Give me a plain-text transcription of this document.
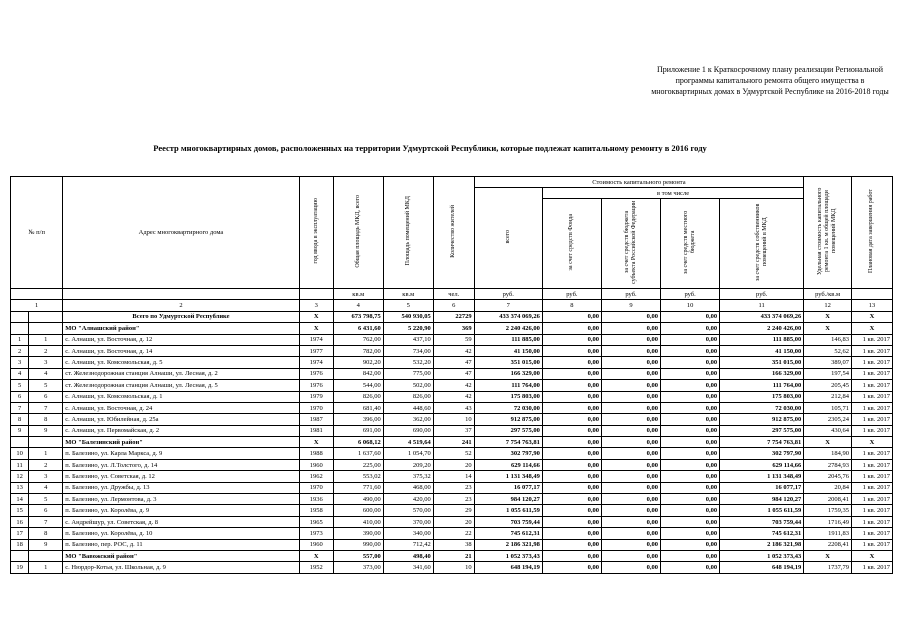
Приложение 1 к Краткосрочному плану реализации Региональной программы капитального ремонта общего имущества в многоквартирных домах в Удмуртской Республике на 2016-2018 годы
Реестр многоквартирных домов, расположенных на территории Удмуртской Республики, которые подлежат капитальному ремонту в 2016 году
№ п/п		Адрес многоквартирного дома	год ввода в эксплуатацию	Общая площадь МКД, всего	Площадь помещений МКД	Количество жителей	Стоимость капитального ремонта					Удельная стоимость капитального ремонта 1 кв. м общей площади помещений МКД	Плановая дата завершения работ
							всего	в том числе					
								за счет средств Фонда	за счет средств бюджета субъекта Российской Федерации	за счет средств местного бюджета	за счет средств собственников помещений в МКД		
				кв.м	кв.м	чел.	руб.	руб.	руб.	руб.	руб.	руб./кв.м	
1		2	3	4	5	6	7	8	9	10	11	12	13
		Всего по Удмуртской Республике	X	673 798,75	540 930,05	22729	433 374 069,26	0,00	0,00	0,00	433 374 069,26	X	X
		МО "Алнашский район"	X	6 431,60	5 220,90	369	2 240 426,00	0,00	0,00	0,00	2 240 426,00	X	X
1	1	с. Алнаши, ул. Восточная, д. 12	1974	762,00	437,10	59	111 885,00	0,00	0,00	0,00	111 885,00	146,83	1 кв. 2017
2	2	с. Алнаши, ул. Восточная, д. 14	1977	782,00	734,00	42	41 150,00	0,00	0,00	0,00	41 150,00	52,62	1 кв. 2017
3	3	с. Алнаши, ул. Комсомольская, д. 5	1974	902,20	532,20	47	351 015,00	0,00	0,00	0,00	351 015,00	389,07	1 кв. 2017
4	4	ст. Железнодорожная станция Алнаши, ул. Лесная, д. 2	1976	842,00	775,00	47	166 329,00	0,00	0,00	0,00	166 329,00	197,54	1 кв. 2017
5	5	ст. Железнодорожная станция Алнаши, ул. Лесная, д. 5	1976	544,00	502,00	42	111 764,00	0,00	0,00	0,00	111 764,00	205,45	1 кв. 2017
6	6	с. Алнаши, ул. Комсомольская, д. 1	1979	826,00	826,00	42	175 803,00	0,00	0,00	0,00	175 803,00	212,84	1 кв. 2017
7	7	с. Алнаши, ул. Восточная, д. 24	1970	681,40	448,60	43	72 030,00	0,00	0,00	0,00	72 030,00	105,71	1 кв. 2017
8	8	с. Алнаши, ул. Юбилейная, д. 25а	1987	396,00	362,00	10	912 875,00	0,00	0,00	0,00	912 875,00	2305,24	1 кв. 2017
9	9	с. Алнаши, ул. Первомайская, д. 2	1981	691,00	690,00	37	297 575,00	0,00	0,00	0,00	297 575,00	430,64	1 кв. 2017
		МО "Балезинский район"	X	6 068,12	4 519,64	241	7 754 763,81	0,00	0,00	0,00	7 754 763,81	X	X
10	1	п. Балезино, ул. Карла Маркса, д. 9	1988	1 637,60	1 054,70	52	302 797,90	0,00	0,00	0,00	302 797,90	184,90	1 кв. 2017
11	2	п. Балезино, ул. Л.Толстого, д. 14	1960	225,00	209,20	20	629 114,66	0,00	0,00	0,00	629 114,66	2784,93	1 кв. 2017
12	3	п. Балезино, ул. Советская, д. 12	1962	553,02	375,32	14	1 131 348,49	0,00	0,00	0,00	1 131 348,49	2045,76	1 кв. 2017
13	4	п. Балезино, ул. Дружбы, д. 13	1970	771,60	468,00	23	16 077,17	0,00	0,00	0,00	16 077,17	20,84	1 кв. 2017
14	5	п. Балезино, ул. Лермонтова, д. 3	1936	490,00	420,00	23	984 120,27	0,00	0,00	0,00	984 120,27	2008,41	1 кв. 2017
15	6	п. Балезино, ул. Королёва, д. 9	1958	600,00	570,00	29	1 055 611,59	0,00	0,00	0,00	1 055 611,59	1759,35	1 кв. 2017
16	7	с. Андрейшур, ул. Советская, д. 8	1965	410,00	370,00	20	703 759,44	0,00	0,00	0,00	703 759,44	1716,49	1 кв. 2017
17	8	п. Балезино, ул. Королёва, д. 10	1973	390,00	340,00	22	745 612,31	0,00	0,00	0,00	745 612,31	1911,83	1 кв. 2017
18	9	п. Балезино, пер. РОС, д. 11	1960	990,00	712,42	38	2 186 321,98	0,00	0,00	0,00	2 186 321,98	2208,41	1 кв. 2017
		МО "Вавожский район"	X	557,00	498,40	21	1 052 373,43	0,00	0,00	0,00	1 052 373,43	X	X
19	1	с. Нюрдор-Котья, ул. Школьная, д. 9	1952	373,00	341,60	10	648 194,19	0,00	0,00	0,00	648 194,19	1737,79	1 кв. 2017
